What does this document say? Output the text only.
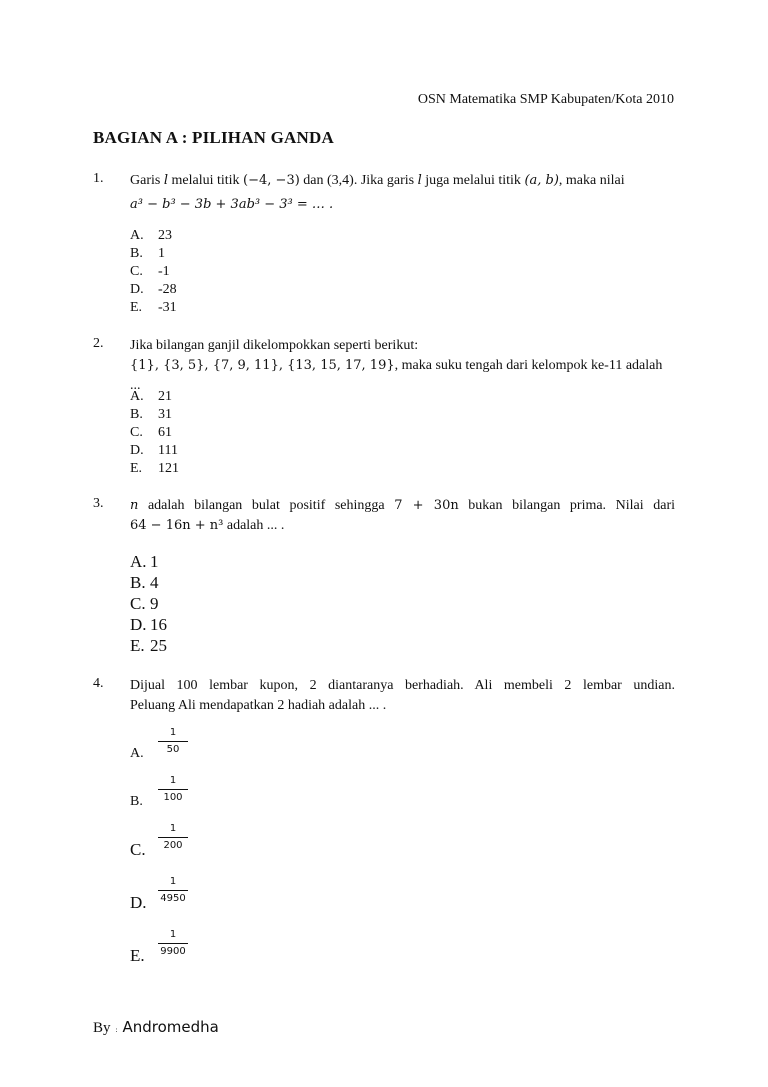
OSN Matematika SMP Kabupaten/Kota 2010
BAGIAN A : PILIHAN GANDA
1. Garis l melalui titik (−4, −3) dan (3,4). Jika garis l juga melalui titik (a, b), maka nilai
a³ − b³ − 3b + 3ab³ − 3³ = … .
A.	23
B.	1
C.	-1
D.	-28
E.	-31
2. Jika bilangan ganjil dikelompokkan seperti berikut:
{1}, {3, 5}, {7, 9, 11}, {13, 15, 17, 19}, maka suku tengah dari kelompok ke-11 adalah ...
A.	21
B.	31
C.	61
D.	111
E.	121
3. n adalah bilangan bulat positif sehingga 7 + 30n bukan bilangan prima. Nilai dari
64 − 16n + n³ adalah ... .
A. 1
B. 4
C. 9
D. 16
E. 25
4. Dijual 100 lembar kupon, 2 diantaranya berhadiah. Ali membeli 2 lembar undian.
Peluang Ali mendapatkan 2 hadiah adalah ... .
A.
1
50
B.
1
100
C.
1
200
D.
1
4950
E.
1
9900
By : Andromedha
